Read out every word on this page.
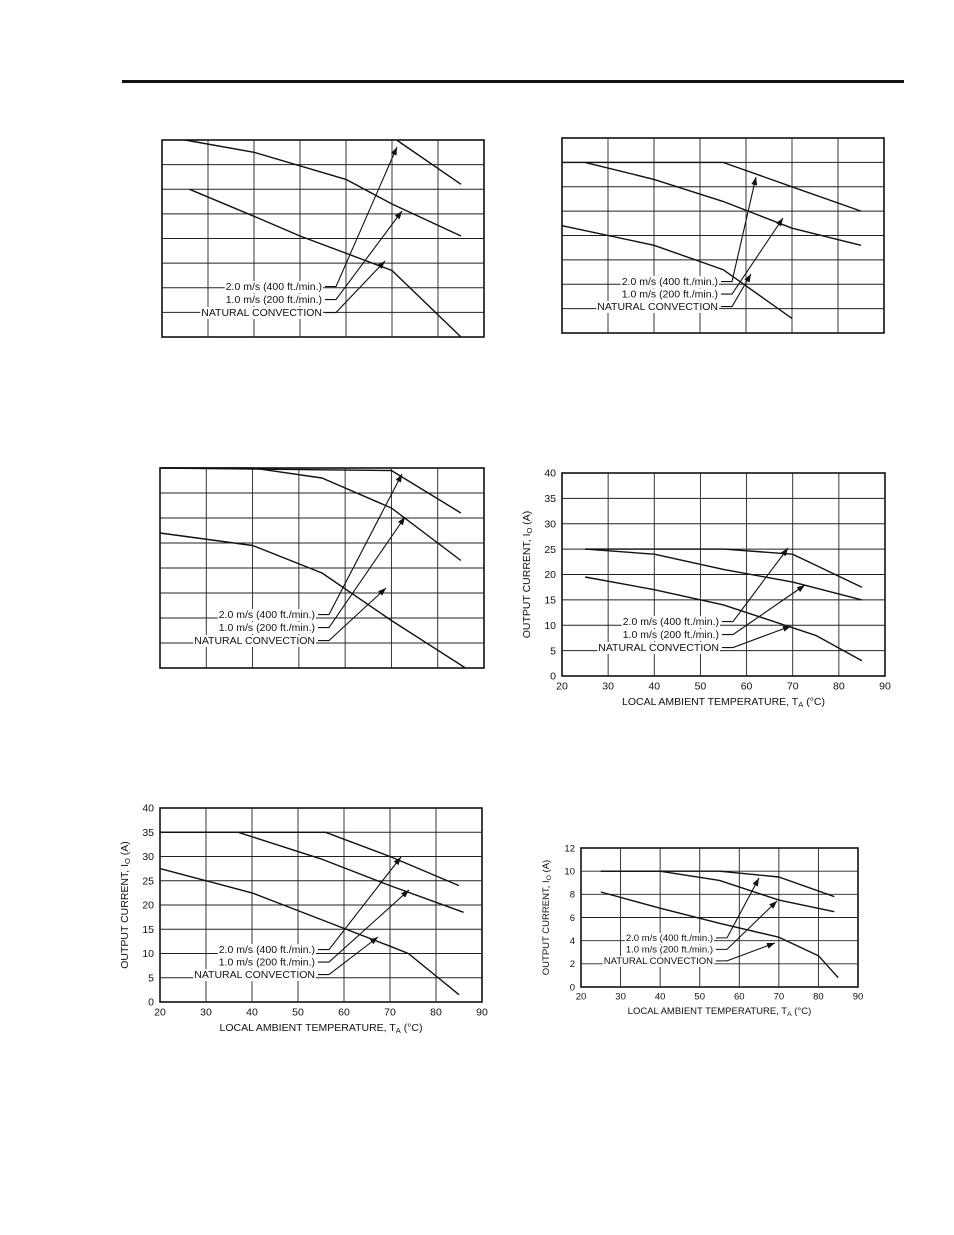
2.0 m/s (400 ft./min.)
1.0 m/s (200 ft./min.)
NATURAL CONVECTION
2.0 m/s (400 ft./min.)
1.0 m/s (200 ft./min.)
NATURAL CONVECTION
2.0 m/s (400 ft./min.)
1.0 m/s (200 ft./min.)
NATURAL CONVECTION
20	30	40	50	60	70	80	90
0
5
10
15
20
25
30
35
40
LOCAL AMBIENT TEMPERATURE, TA (°C)
OUTPUT CURRENT, IO (A)
2.0 m/s (400 ft./min.)
1.0 m/s (200 ft./min.)
NATURAL CONVECTION
20	30	40	50	60	70	80	90
0
5
10
15
20
25
30
35
40
LOCAL AMBIENT TEMPERATURE, TA (°C)
OUTPUT CURRENT, IO (A)
2.0 m/s (400 ft./min.)
1.0 m/s (200 ft./min.)
NATURAL CONVECTION
20	30	40	50	60	70	80	90
0
2
4
6
8
10
12
LOCAL AMBIENT TEMPERATURE, $T_A$ (°C)
OUTPUT CURRENT, $I_O$ (A)
2.0 m/s (400 ft./min.)
1.0 m/s (200 ft./min.)
NATURAL CONVECTION
